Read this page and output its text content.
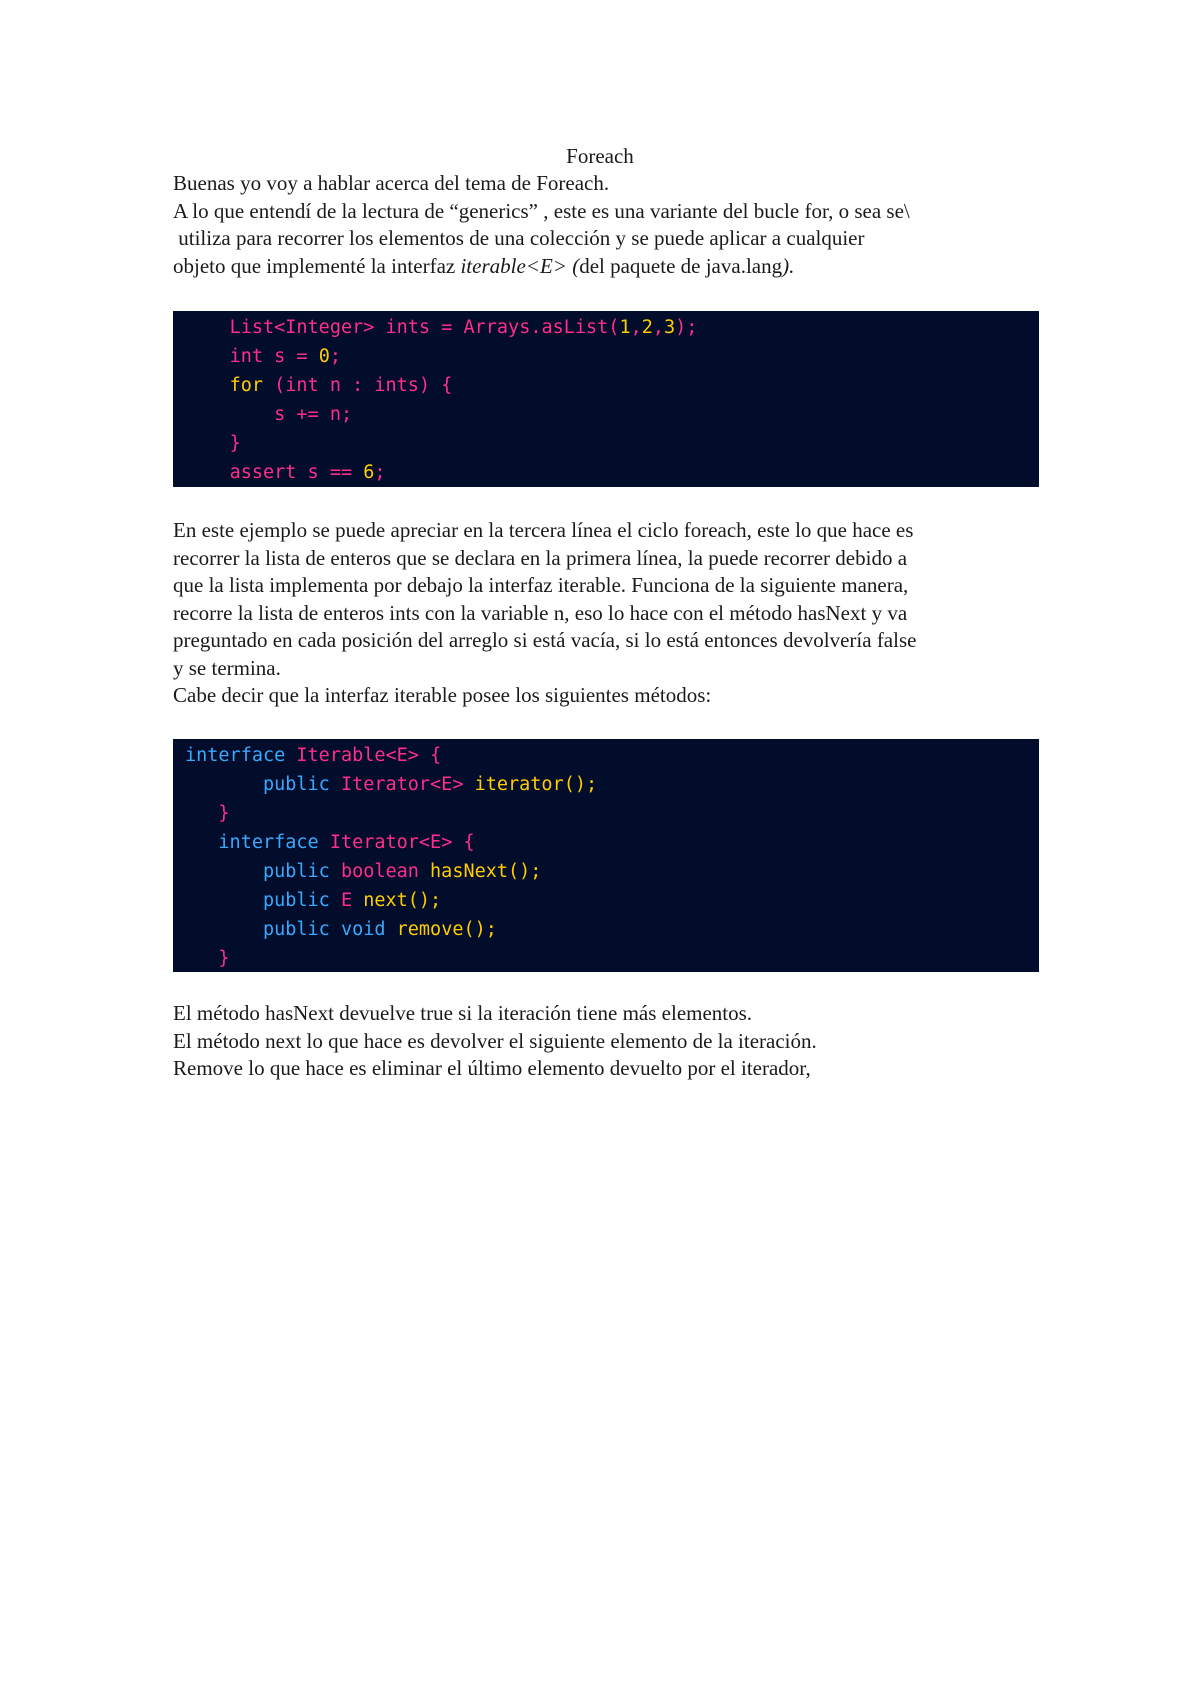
Foreach

Buenas yo voy a hablar acerca del tema de Foreach.

A lo que entendí de la lectura de “generics” , este es una variante del bucle for, o sea se\

utiliza para recorrer los elementos de una colección y se puede aplicar a cualquier

objeto que implementé la interfaz iterable<E> (del paquete de java.lang).

List<Integer> ints = Arrays.asList(1,2,3);
int s = 0;
for (int n : ints) {
s += n;
}
assert s == 6;

En este ejemplo se puede apreciar en la tercera línea el ciclo foreach, este lo que hace es

recorrer la lista de enteros que se declara en la primera línea, la puede recorrer debido a

que la lista implementa por debajo la interfaz iterable. Funciona de la siguiente manera,

recorre la lista de enteros ints con la variable n, eso lo hace con el método hasNext y va

preguntado en cada posición del arreglo si está vacía, si lo está entonces devolvería false

y se termina.

Cabe decir que la interfaz iterable posee los siguientes métodos:

interface Iterable<E> {
public Iterator<E> iterator();
}
interface Iterator<E> {
public boolean hasNext();
public E next();
public void remove();
}

El método hasNext devuelve true si la iteración tiene más elementos.

El método next lo que hace es devolver el siguiente elemento de la iteración.

Remove lo que hace es eliminar el último elemento devuelto por el iterador,
